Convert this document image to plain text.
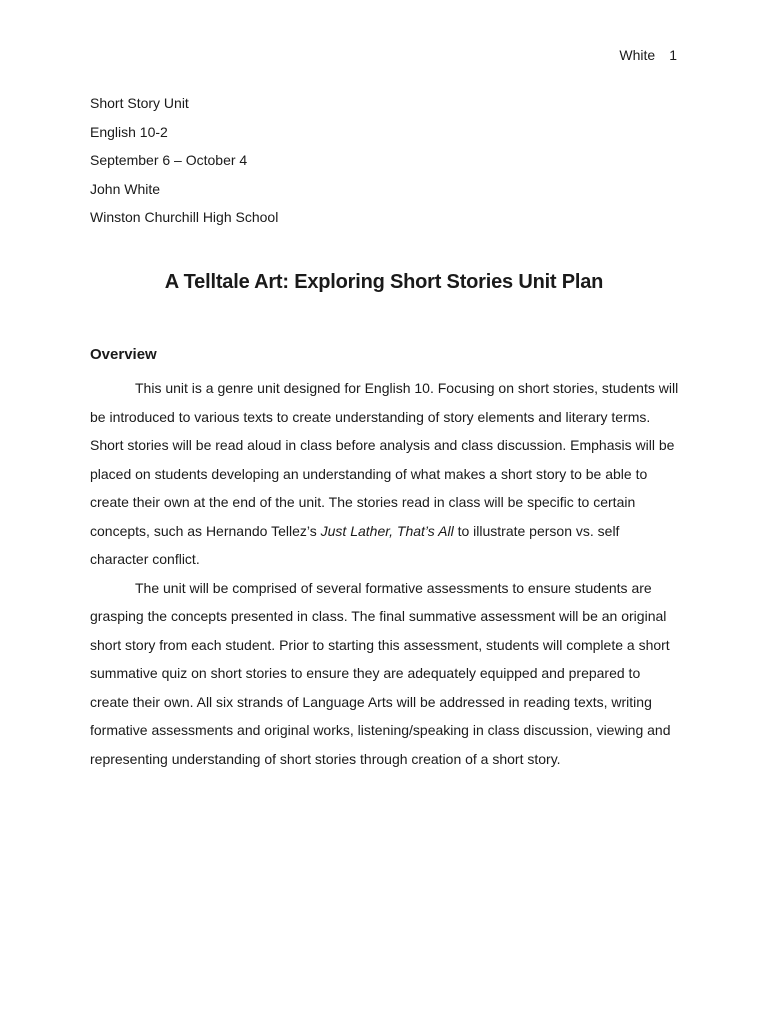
White 1
Short Story Unit
English 10-2
September 6 – October 4
John White
Winston Churchill High School
A Telltale Art: Exploring Short Stories Unit Plan
Overview

This unit is a genre unit designed for English 10. Focusing on short stories, students will be introduced to various texts to create understanding of story elements and literary terms. Short stories will be read aloud in class before analysis and class discussion. Emphasis will be placed on students developing an understanding of what makes a short story to be able to create their own at the end of the unit. The stories read in class will be specific to certain concepts, such as Hernando Tellez’s Just Lather, That’s All to illustrate person vs. self character conflict.

The unit will be comprised of several formative assessments to ensure students are grasping the concepts presented in class. The final summative assessment will be an original short story from each student. Prior to starting this assessment, students will complete a short summative quiz on short stories to ensure they are adequately equipped and prepared to create their own. All six strands of Language Arts will be addressed in reading texts, writing formative assessments and original works, listening/speaking in class discussion, viewing and representing understanding of short stories through creation of a short story.
